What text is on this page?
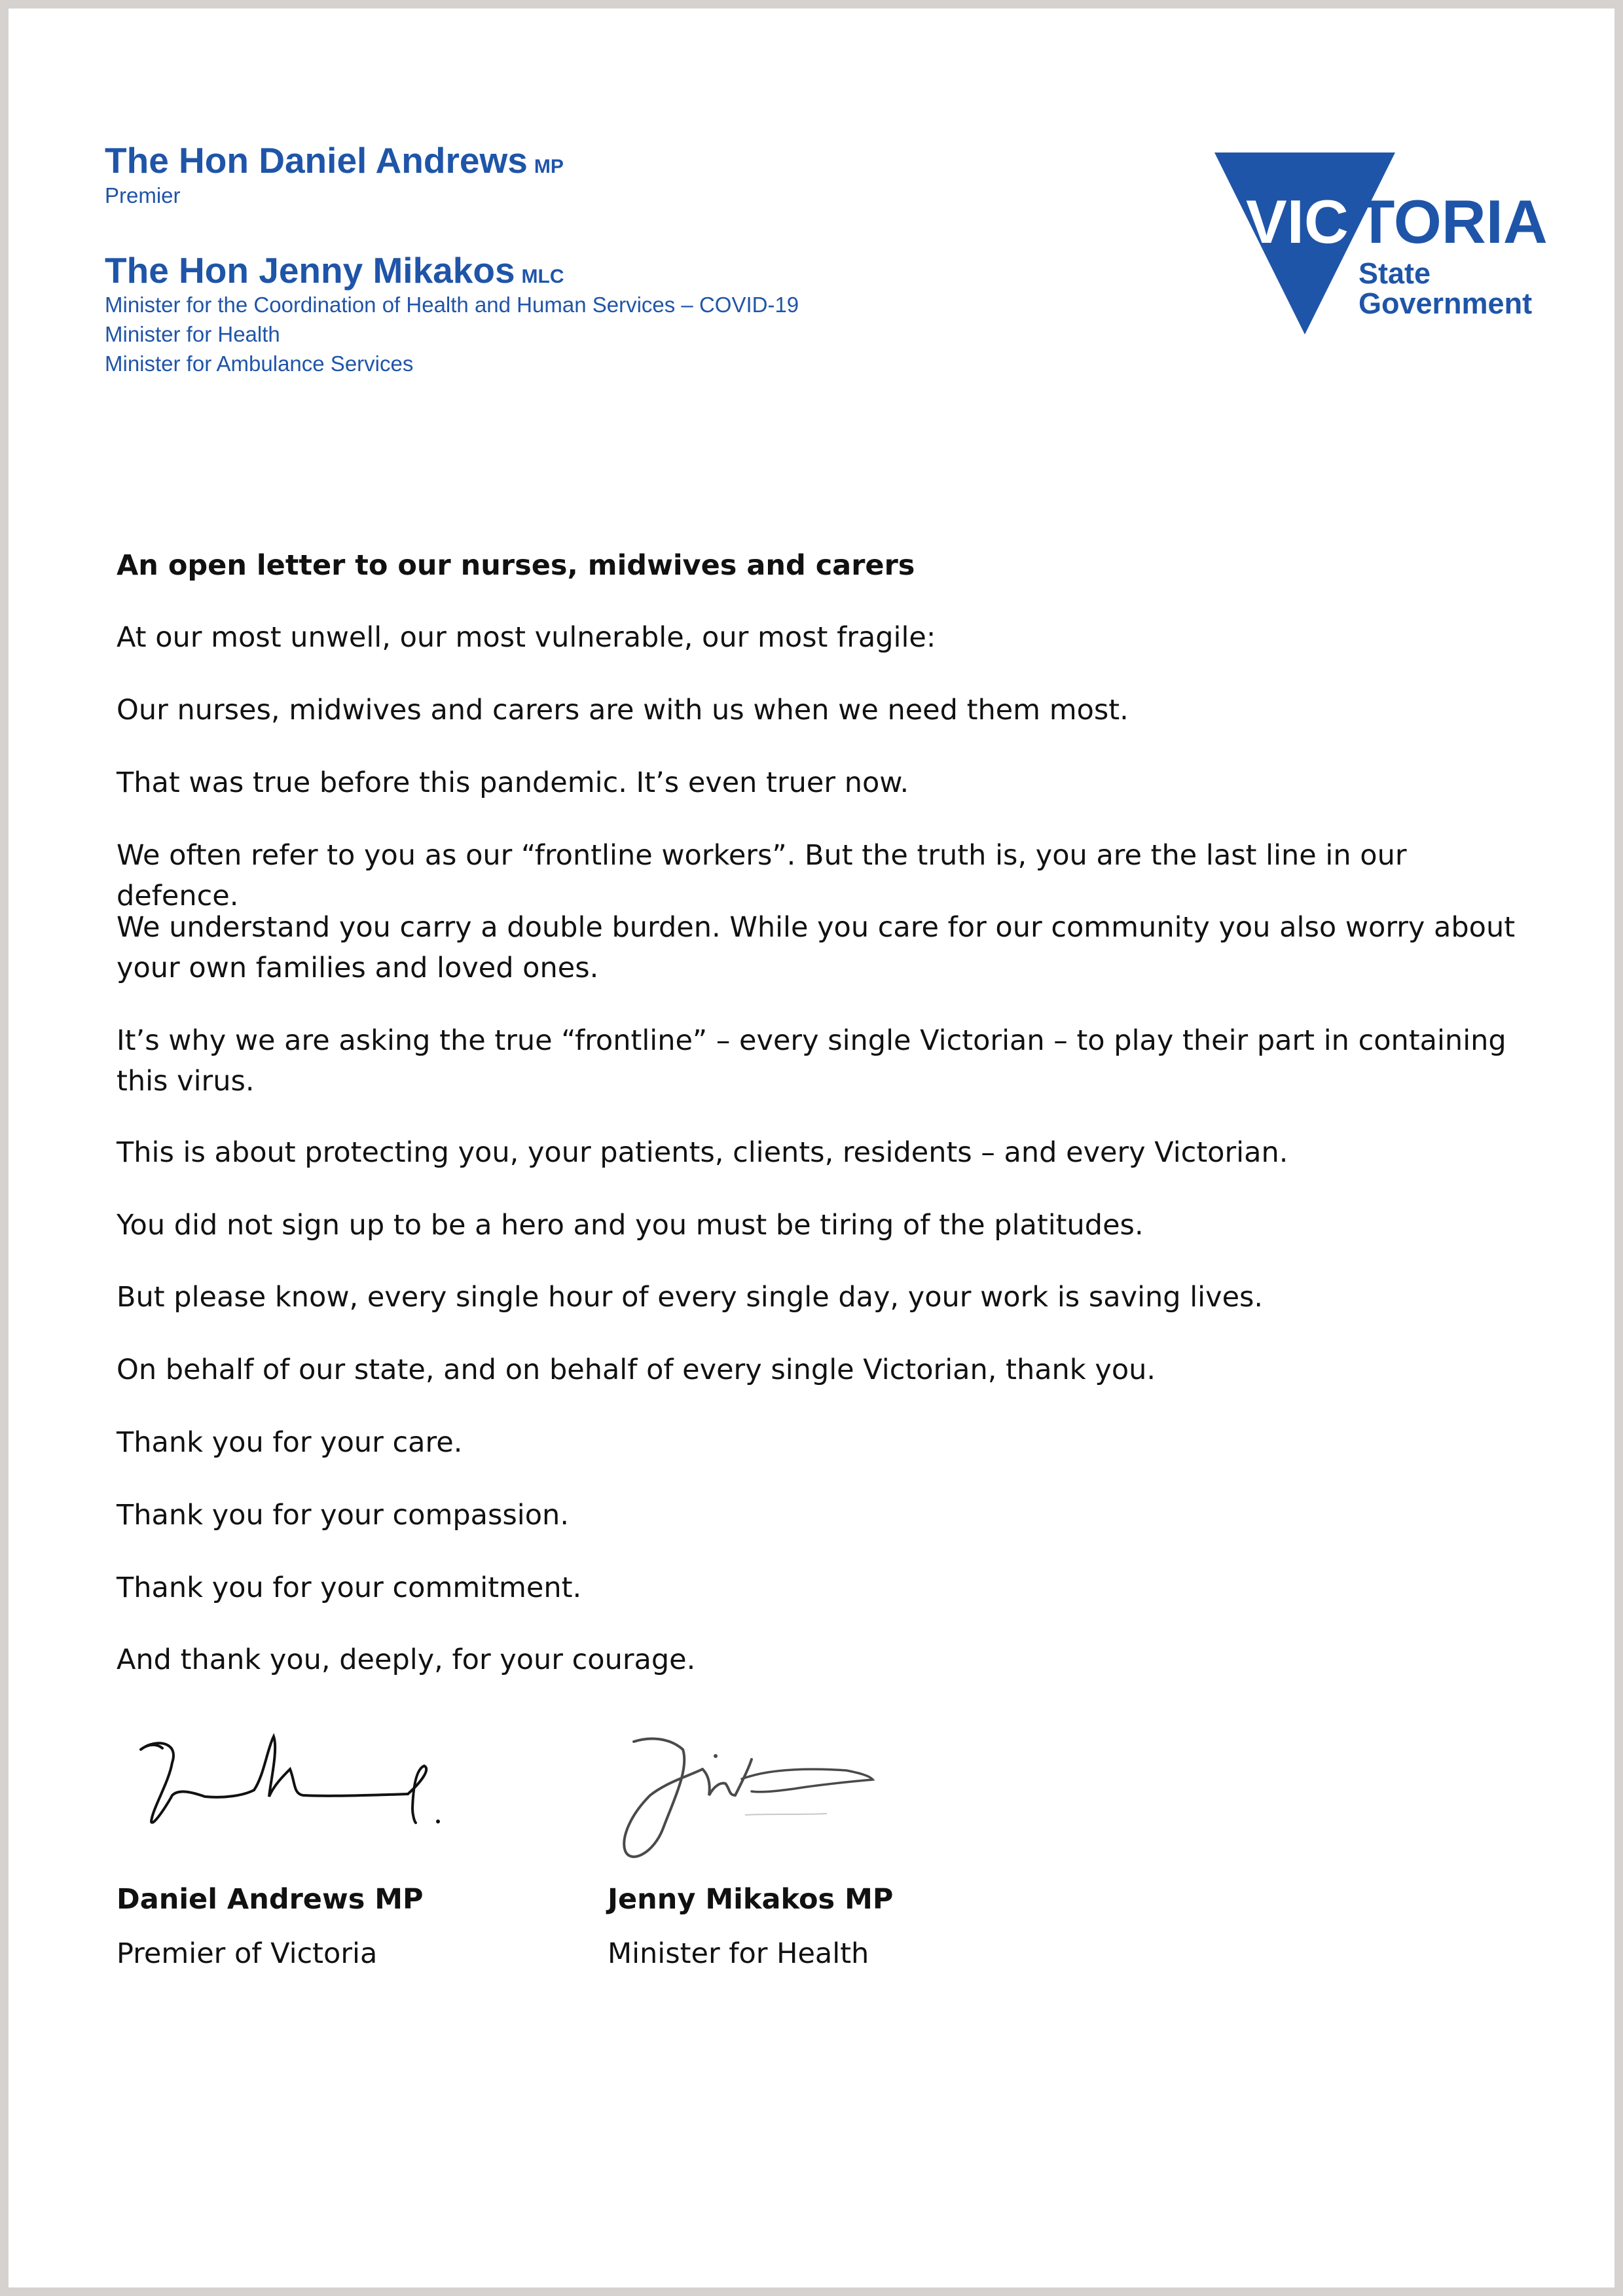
The Hon Daniel Andrews MP
Premier
The Hon Jenny Mikakos MLC
Minister for the Coordination of Health and Human Services – COVID-19
Minister for Health
Minister for Ambulance Services
VIC TORIA
State
Government
An open letter to our nurses, midwives and carers
At our most unwell, our most vulnerable, our most fragile:
Our nurses, midwives and carers are with us when we need them most.
That was true before this pandemic. It’s even truer now.
We often refer to you as our “frontline workers”. But the truth is, you are the last line in our defence.
We understand you carry a double burden. While you care for our community you also worry about your own families and loved ones.
It’s why we are asking the true “frontline” – every single Victorian – to play their part in containing this virus.
This is about protecting you, your patients, clients, residents – and every Victorian.
You did not sign up to be a hero and you must be tiring of the platitudes.
But please know, every single hour of every single day, your work is saving lives.
On behalf of our state, and on behalf of every single Victorian, thank you.
Thank you for your care.
Thank you for your compassion.
Thank you for your commitment.
And thank you, deeply, for your courage.
Daniel Andrews MP
Premier of Victoria
Jenny Mikakos MP
Minister for Health
